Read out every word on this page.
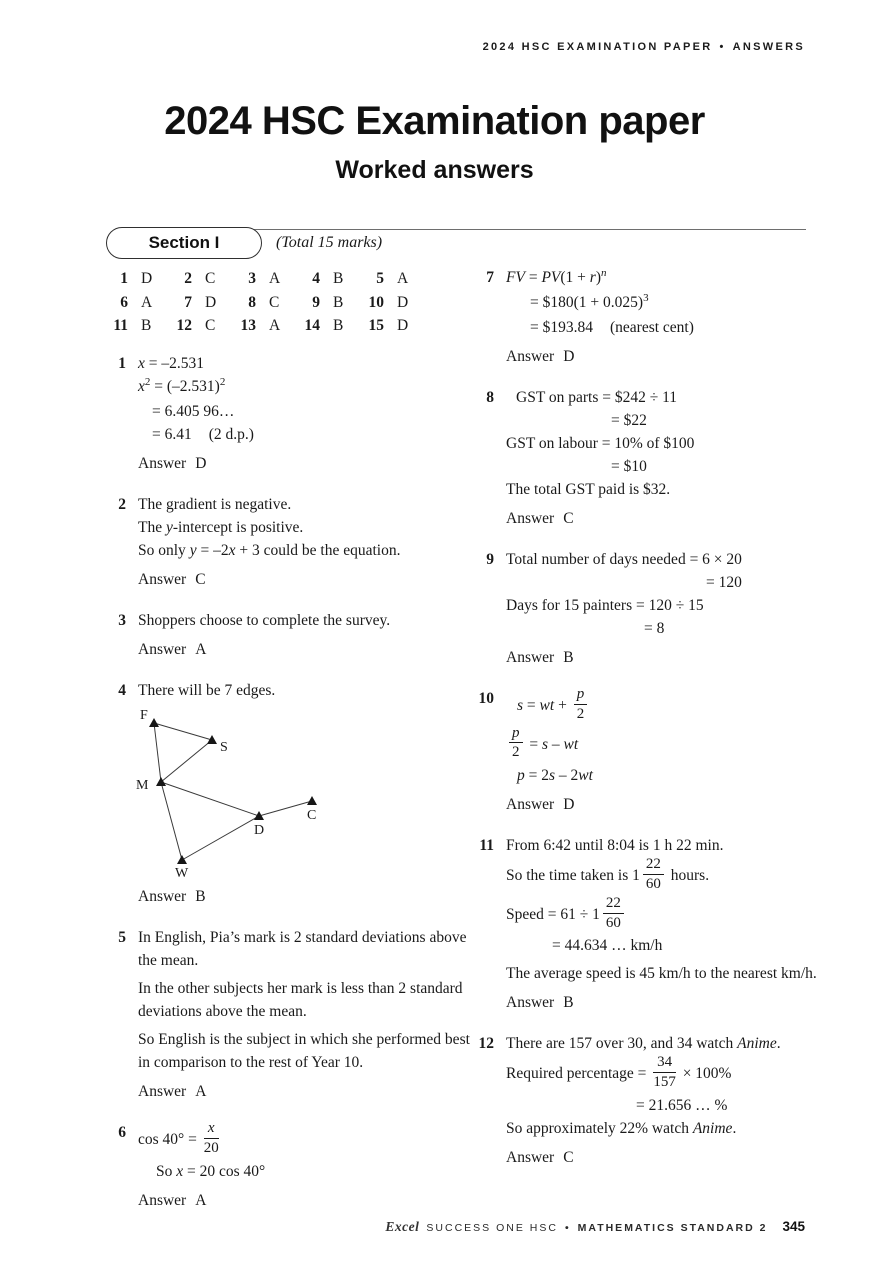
2024 HSC EXAMINATION PAPER • ANSWERS
2024 HSC Examination paper
Worked answers
Section I	(Total 15 marks)
1 D	2 C	3 A	4 B	5 A
6 A	7 D	8 C	9 B	10 D
11 B	12 C	13 A	14 B	15 D
1 x = –2.531
$x^2 = (-2.531)^2$
= 6.405 96…
= 6.41 (2 d.p.)
Answer D
2 The gradient is negative.
The y-intercept is positive.
So only y = –2x + 3 could be the equation.
Answer C
3 Shoppers choose to complete the survey.
Answer A
4 There will be 7 edges.
F
S
M
D
C
W
Answer B
5 In English, Pia’s mark is 2 standard deviations above the mean.
In the other subjects her mark is less than 2 standard deviations above the mean.
So English is the subject in which she performed best in comparison to the rest of Year 10.
Answer A
6 $\cos 40^\circ = \frac{x}{20}$
So x = 20 cos 40°
Answer A
7 FV = $PV(1 + r)^n$
= $180(1 + 0.025)$^3$
= $193.84 (nearest cent)
Answer D
8 GST on parts = $242 ÷ 11
= $22
GST on labour = 10% of $100
= $10
The total GST paid is $32.
Answer C
9 Total number of days needed = 6 × 20
= 120
Days for 15 painters = 120 ÷ 15
= 8
Answer B
10 s = wt + $\frac{p}{2}$
$\frac{p}{2} = s$ – wt
p = 2s – 2wt
Answer D
11 From 6:42 until 8:04 is 1 h 22 min.
So the time taken is $1 \frac{22}{60}$ hours.
Speed = $61 \div 1 \frac{22}{60}$
= 44.634 … km/h
The average speed is 45 km/h to the nearest km/h.
Answer B
12 There are 157 over 30, and 34 watch Anime.
Required percentage = $\frac{34}{157} \times 100\%$
= 21.656 … %
So approximately 22% watch Anime.
Answer C
Excel SUCCESS ONE HSC • MATHEMATICS STANDARD 2 345
